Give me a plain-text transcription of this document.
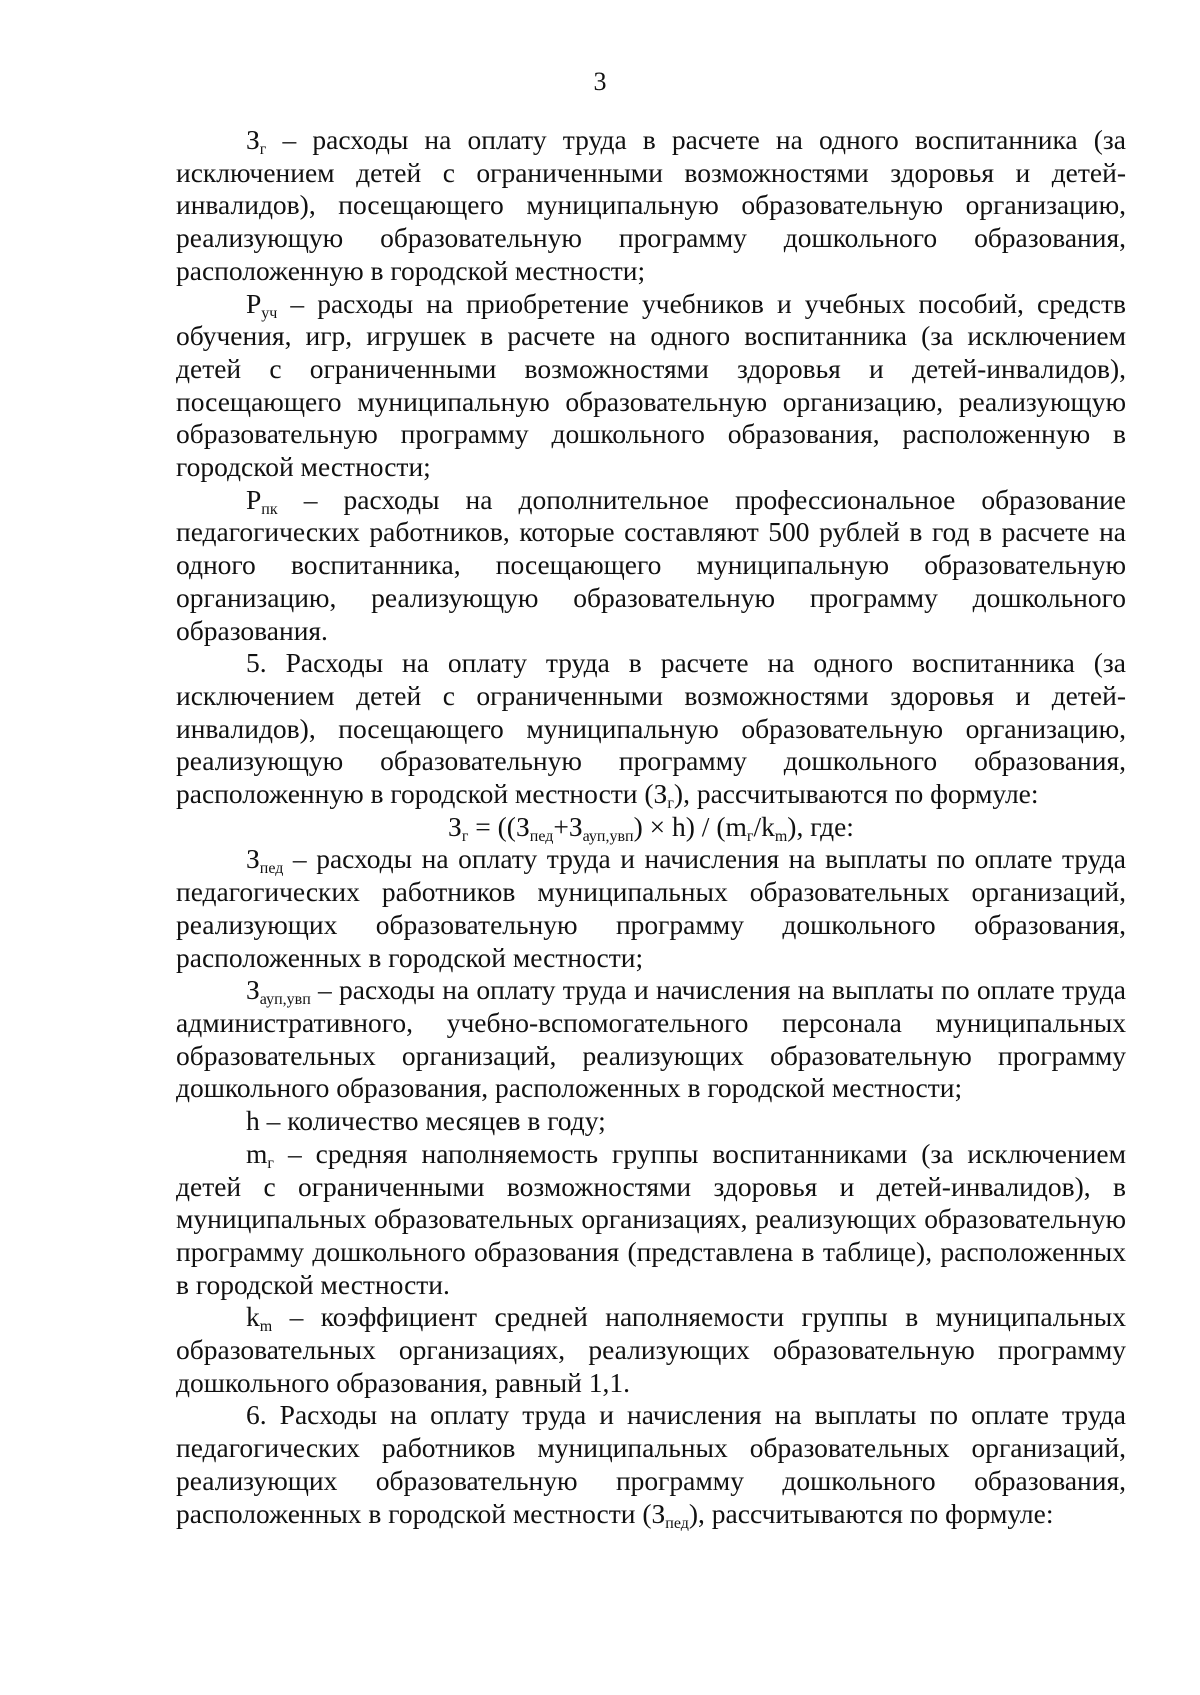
3

$З_г$ – расходы на оплату труда в расчете на одного воспитанника (за исключением детей с ограниченными возможностями здоровья и детей-инвалидов), посещающего муниципальную образовательную организацию, реализующую образовательную программу дошкольного образования, расположенную в городской местности;

$Р_{уч}$ – расходы на приобретение учебников и учебных пособий, средств обучения, игр, игрушек в расчете на одного воспитанника (за исключением детей с ограниченными возможностями здоровья и детей-инвалидов), посещающего муниципальную образовательную организацию, реализующую образовательную программу дошкольного образования, расположенную в городской местности;

$Р_{пк}$ – расходы на дополнительное профессиональное образование педагогических работников, которые составляют 500 рублей в год в расчете на одного воспитанника, посещающего муниципальную образовательную организацию, реализующую образовательную программу дошкольного образования.

5. Расходы на оплату труда в расчете на одного воспитанника (за исключением детей с ограниченными возможностями здоровья и детей-инвалидов), посещающего муниципальную образовательную организацию, реализующую образовательную программу дошкольного образования, расположенную в городской местности $(З_г)$, рассчитываются по формуле:

$З_г = ((З_{пед}+З_{ауп,увп}) \times h) / (m_г/k_m)$, где:

$З_{пед}$ – расходы на оплату труда и начисления на выплаты по оплате труда педагогических работников муниципальных образовательных организаций, реализующих образовательную программу дошкольного образования, расположенных в городской местности;

$З_{ауп,увп}$ – расходы на оплату труда и начисления на выплаты по оплате труда административного, учебно-вспомогательного персонала муниципальных образовательных организаций, реализующих образовательную программу дошкольного образования, расположенных в городской местности;

h – количество месяцев в году;

$m_г$ – средняя наполняемость группы воспитанниками (за исключением детей с ограниченными возможностями здоровья и детей-инвалидов), в муниципальных образовательных организациях, реализующих образовательную программу дошкольного образования (представлена в таблице), расположенных в городской местности.

$k_m$ – коэффициент средней наполняемости группы в муниципальных образовательных организациях, реализующих образовательную программу дошкольного образования, равный 1,1.

6. Расходы на оплату труда и начисления на выплаты по оплате труда педагогических работников муниципальных образовательных организаций, реализующих образовательную программу дошкольного образования, расположенных в городской местности $(З_{пед})$, рассчитываются по формуле:
